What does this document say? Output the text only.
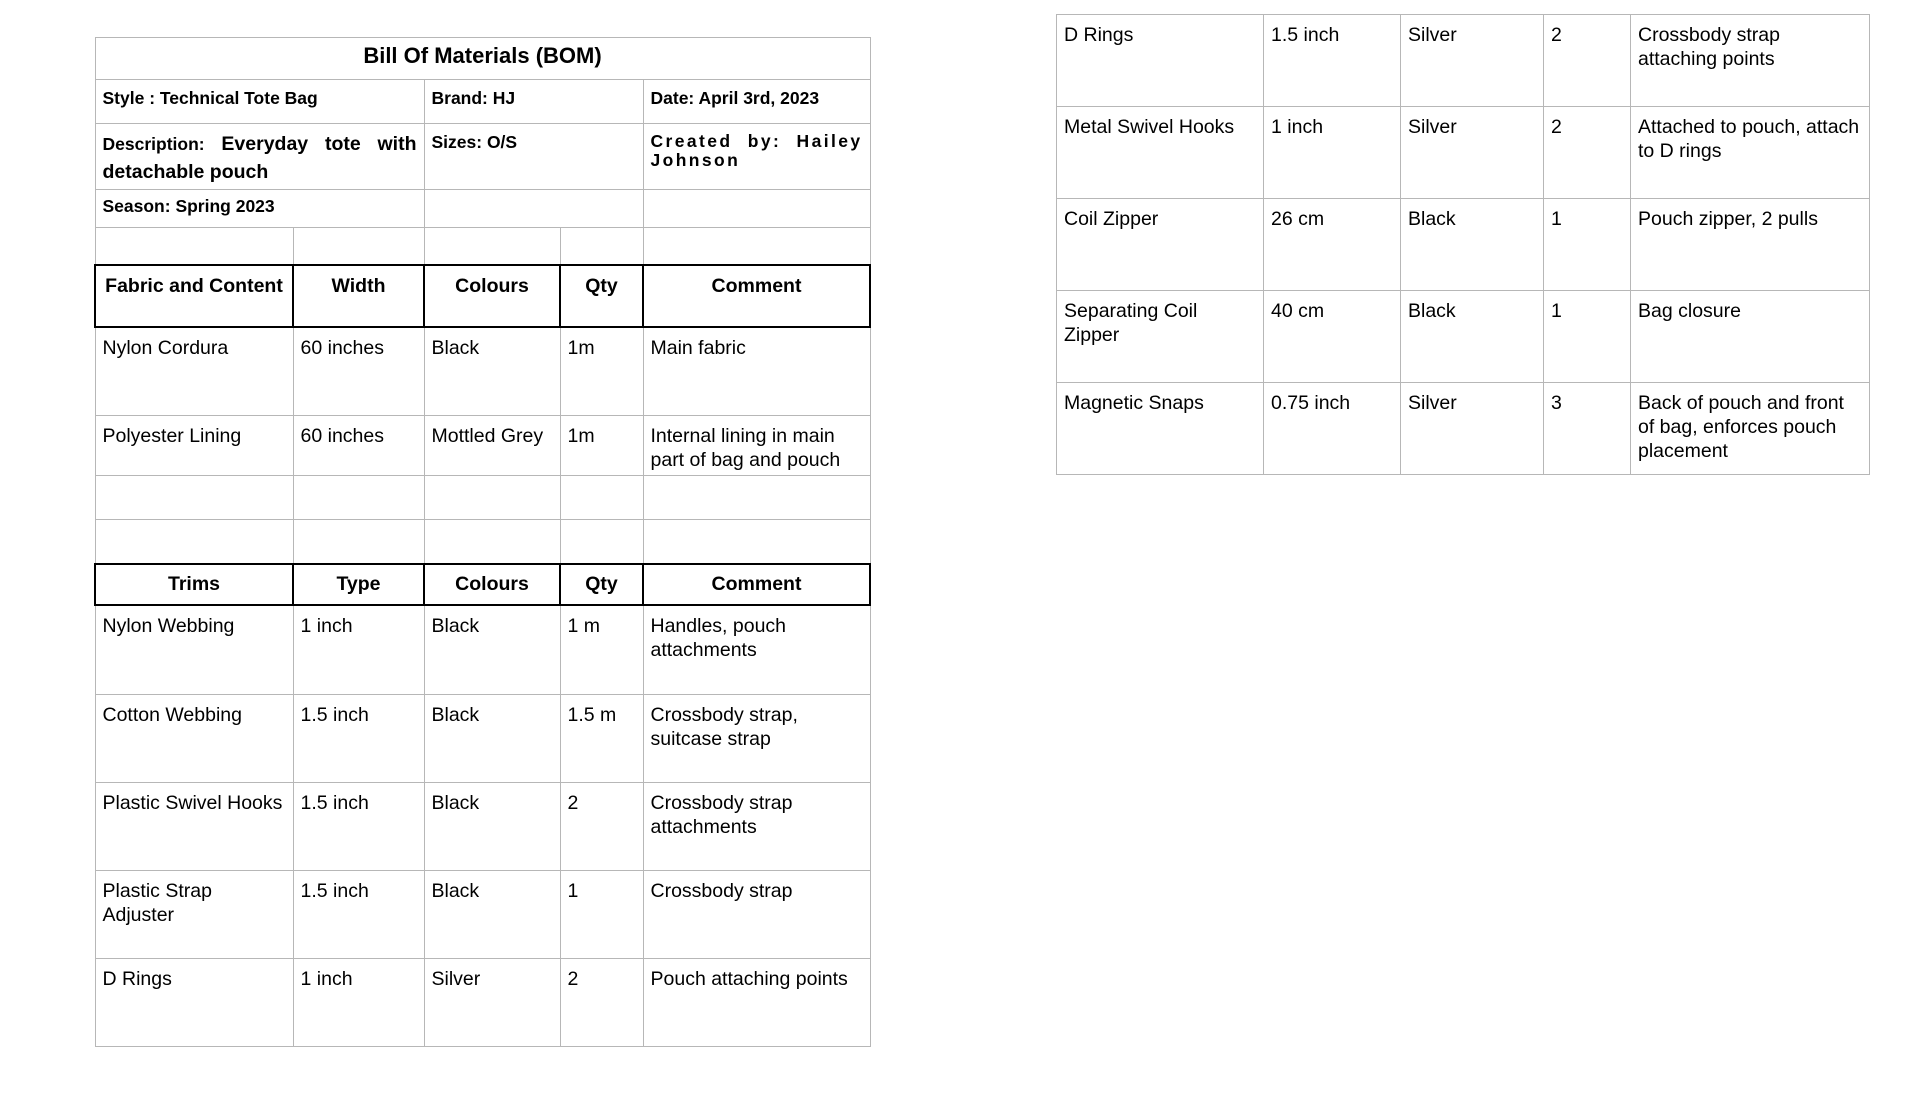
Bill Of Materials (BOM)				

Style : Technical Tote Bag		Brand: HJ		Date: April 3rd, 2023

Description: Everyday tote with detachable pouch		Sizes: O/S		Created by: Hailey Johnson

Season: Spring 2023				

Fabric and Content	Width	Colours	Qty	Comment

Nylon Cordura	60 inches	Black	1m	Main fabric

Polyester Lining	60 inches	Mottled Grey	1m	Internal lining in main part of bag and pouch

Trims	Type	Colours	Qty	Comment

Nylon Webbing	1 inch	Black	1 m	Handles, pouch attachments

Cotton Webbing	1.5 inch	Black	1.5 m	Crossbody strap, suitcase strap

Plastic Swivel Hooks	1.5 inch	Black	2	Crossbody strap attachments

Plastic Strap Adjuster	1.5 inch	Black	1	Crossbody strap

D Rings	1 inch	Silver	2	Pouch attaching points
D Rings	1.5 inch	Silver	2	Crossbody strap attaching points

Metal Swivel Hooks	1 inch	Silver	2	Attached to pouch, attach to D rings

Coil Zipper	26 cm	Black	1	Pouch zipper, 2 pulls

Separating Coil Zipper	40 cm	Black	1	Bag closure

Magnetic Snaps	0.75 inch	Silver	3	Back of pouch and front of bag, enforces pouch placement
